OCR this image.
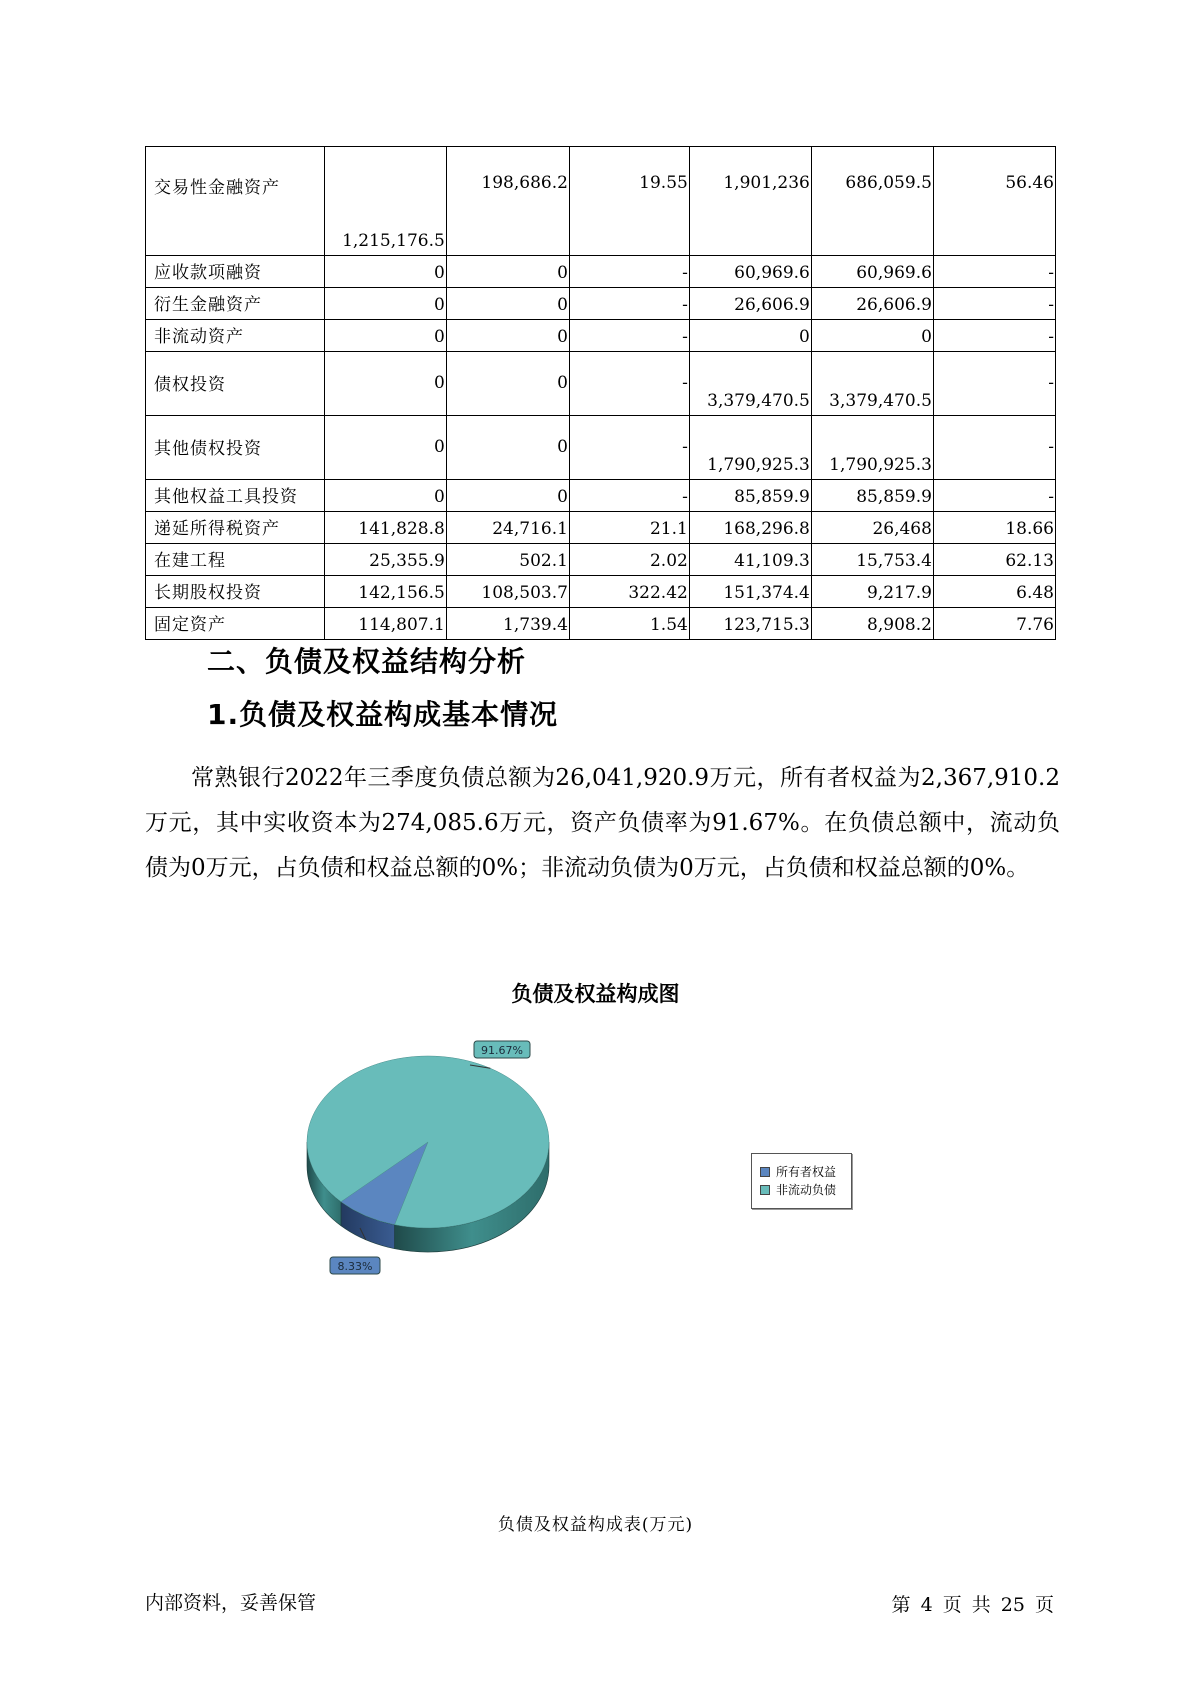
交易性金融资产	1,215,176.5	198,686.2	19.55	1,901,236	686,059.5	56.46
应收款项融资	0	0	-	60,969.6	60,969.6	-
衍生金融资产	0	0	-	26,606.9	26,606.9	-
非流动资产	0	0	-	0	0	-
债权投资	0	0	-	3,379,470.5	3,379,470.5	-
其他债权投资	0	0	-	1,790,925.3	1,790,925.3	-
其他权益工具投资	0	0	-	85,859.9	85,859.9	-
递延所得税资产	141,828.8	24,716.1	21.1	168,296.8	26,468	18.66
在建工程	25,355.9	502.1	2.02	41,109.3	15,753.4	62.13
长期股权投资	142,156.5	108,503.7	322.42	151,374.4	9,217.9	6.48
固定资产	114,807.1	1,739.4	1.54	123,715.3	8,908.2	7.76
二、负债及权益结构分析
1.负债及权益构成基本情况

常熟银行2022年三季度负债总额为26,041,920.9万元，所有者权益为2,367,910.2万元，其中实收资本为274,085.6万元，资产负债率为91.67%。在负债总额中，流动负债为0万元，占负债和权益总额的0%；非流动负债为0万元，占负债和权益总额的0%。

负债及权益构成图
8.33%
91.67%
所有者权益
非流动负债
负债及权益构成表(万元)
内部资料，妥善保管	第 4 页 共 25 页
